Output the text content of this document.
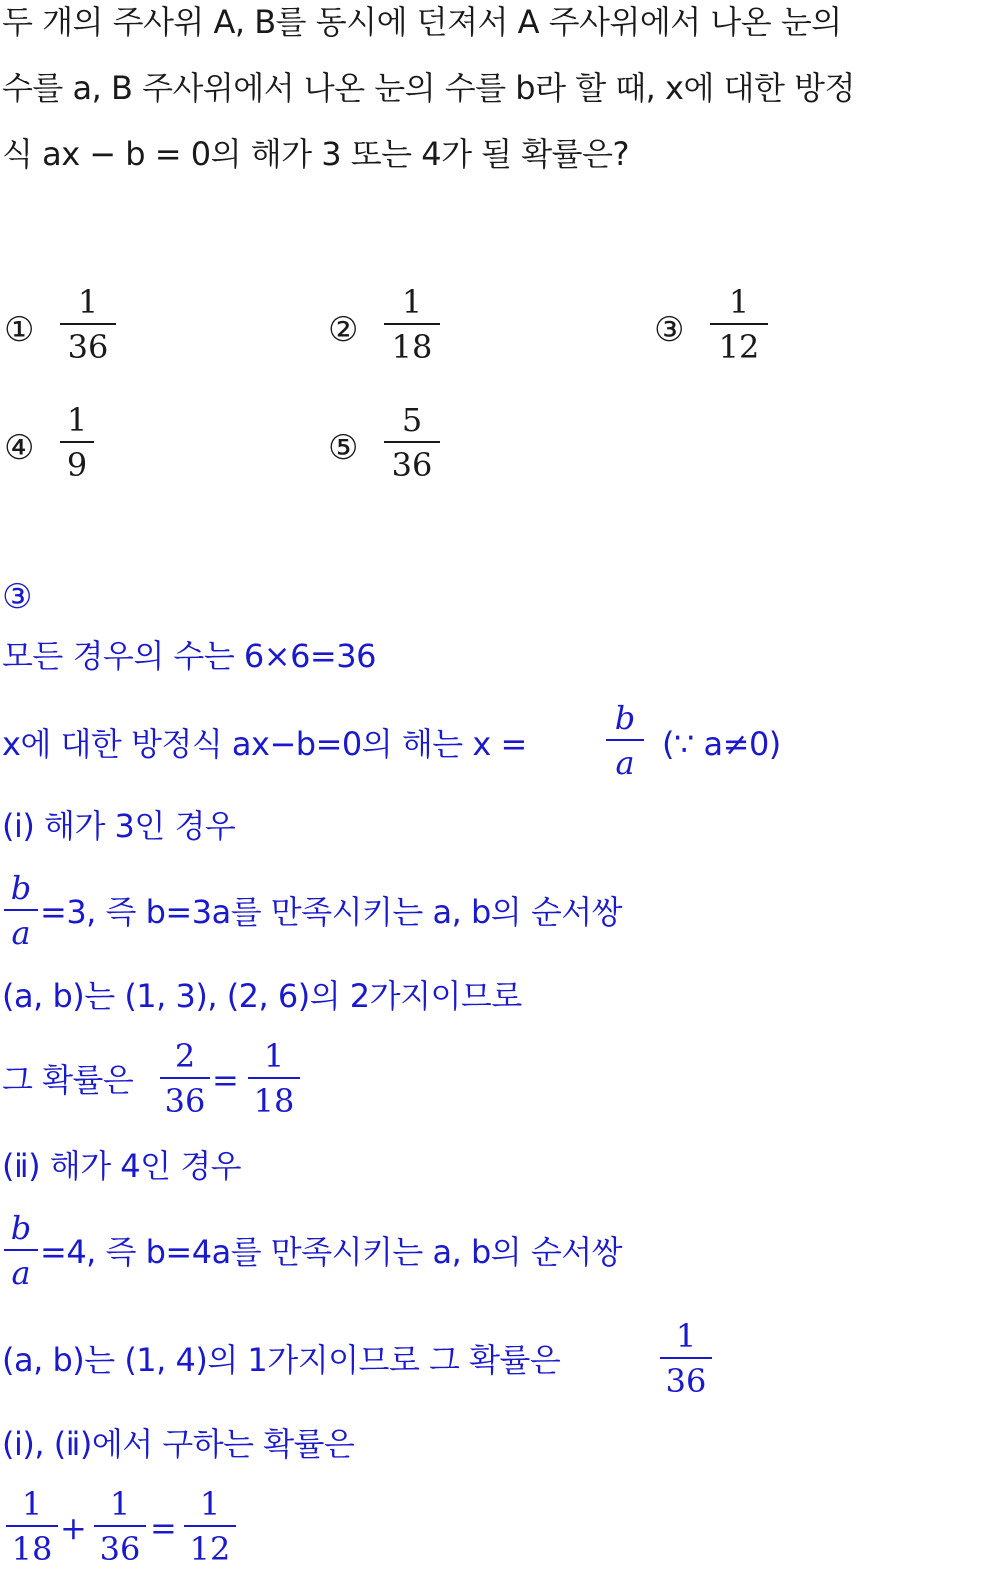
두 개의 주사위 A, B를 동시에 던져서 A 주사위에서 나온 눈의
수를 a, B 주사위에서 나온 눈의 수를 b라 할 때, x에 대한 방정
식 ax − b = 0의 해가 3 또는 4가 될 확률은?
①
1
36	②
1
18	③
1
12
④
1
9	⑤
5
36
③
모든 경우의 수는 6×6=36
x에 대한 방정식 ax−b=0의 해는 x =
b
a (∵ a≠0)
(ⅰ) 해가 3인 경우
b
a
=3, 즉 b=3a를 만족시키는 a, b의 순서쌍
(a, b)는 (1, 3), (2, 6)의 2가지이므로
그 확률은
2
36
=
1
18
(ⅱ) 해가 4인 경우
b
a
=4, 즉 b=4a를 만족시키는 a, b의 순서쌍
(a, b)는 (1, 4)의 1가지이므로 그 확률은
1
36
(ⅰ), (ⅱ)에서 구하는 확률은
1
18
+
1
36
=
1
12
